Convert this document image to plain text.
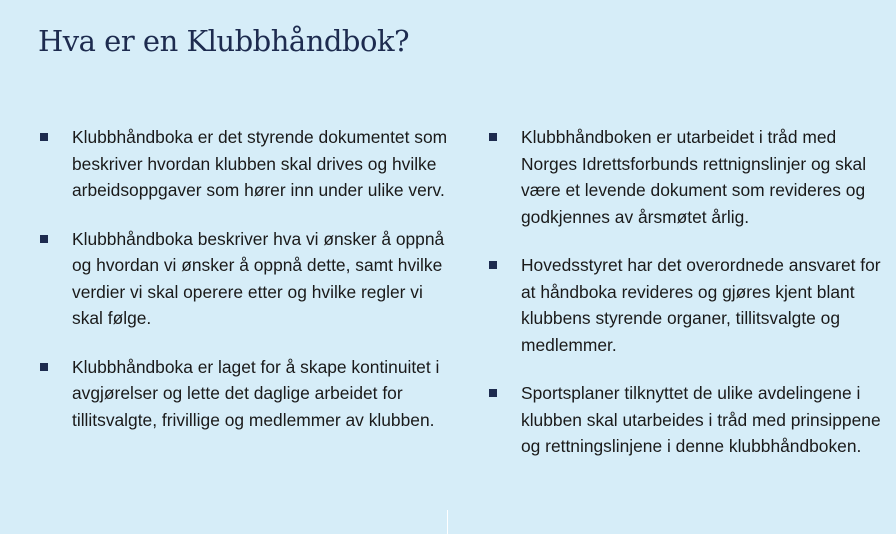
Hva er en Klubbhåndbok?
Klubbhåndboka er det styrende dokumentet som beskriver hvordan klubben skal drives og hvilke arbeidsoppgaver som hører inn under ulike verv.
Klubbhåndboka beskriver hva vi ønsker å oppnå og hvordan vi ønsker å oppnå dette, samt hvilke verdier vi skal operere etter og hvilke regler vi skal følge.
Klubbhåndboka er laget for å skape kontinuitet i avgjørelser og lette det daglige arbeidet for tillitsvalgte, frivillige og medlemmer av klubben.
Klubbhåndboken er utarbeidet i tråd med Norges Idrettsforbunds rettnignslinjer og skal være et levende dokument som revideres og godkjennes av årsmøtet årlig.
Hovedsstyret har det overordnede ansvaret for at håndboka revideres og gjøres kjent blant klubbens styrende organer, tillitsvalgte og medlemmer.
Sportsplaner tilknyttet de ulike avdelingene i klubben skal utarbeides i tråd med prinsippene og rettningslinjene i denne klubbhåndboken.
